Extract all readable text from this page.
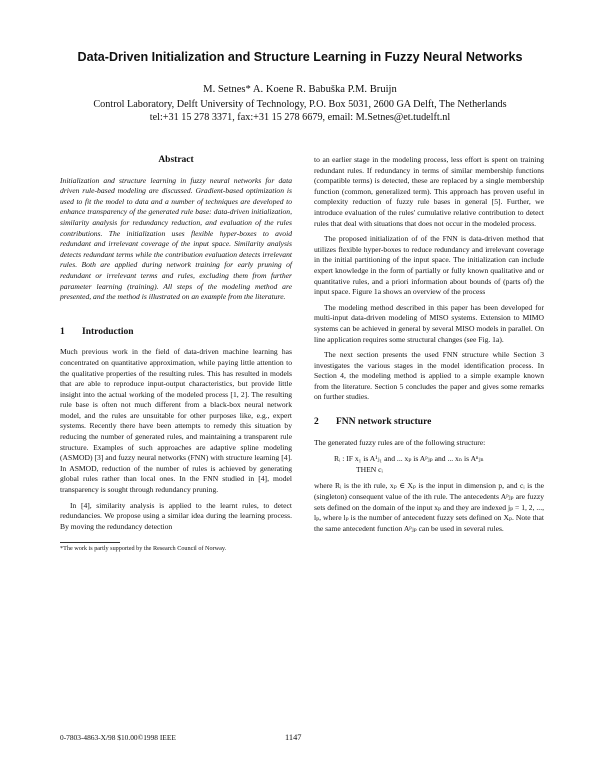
Data-Driven Initialization and Structure Learning in Fuzzy Neural Networks
M. Setnes* A. Koene R. Babuška P.M. Bruijn
Control Laboratory, Delft University of Technology, P.O. Box 5031, 2600 GA Delft, The Netherlands
tel:+31 15 278 3371, fax:+31 15 278 6679, email: M.Setnes@et.tudelft.nl
Abstract

Initialization and structure learning in fuzzy neural networks for data driven rule-based modeling are discussed. Gradient-based optimization is used to fit the model to data and a number of techniques are developed to enhance transparency of the generated rule base: data-driven initialization, similarity analysis for redundancy reduction, and evaluation of the rules contributions. The initialization uses flexible hyper-boxes to avoid redundant and irrelevant coverage of the input space. Similarity analysis detects redundant terms while the contribution evaluation detects irrelevant rules. Both are applied during network training for early pruning of redundant or irrelevant terms and rules, excluding them from further parameter learning (training). All steps of the modeling method are presented, and the method is illustrated on an example from the literature.

1 Introduction

Much previous work in the field of data-driven machine learning has concentrated on quantitative approximation, while paying little attention to the qualitative properties of the resulting rules. This has resulted in models that are able to reproduce input-output characteristics, but provide little insight into the actual working of the modeled process [1, 2]. The resulting rule base is often not much different from a black-box neural network model, and the rules are unsuitable for other purposes like, e.g., expert systems. Recently there have been attempts to remedy this situation by reducing the number of generated rules, and maintaining a transparent rule structure. Examples of such approaches are adaptive spline modeling (ASMOD) [3] and fuzzy neural networks (FNN) with structure learning [4]. In ASMOD, reduction of the number of rules is achieved by generating global rules rather than local ones. In the FNN studied in [4], model transparency is sought through redundancy pruning.

In [4], similarity analysis is applied to the learnt rules, to detect redundancies. We propose using a similar idea during the learning process. By moving the redundancy detection

*The work is partly supported by the Research Council of Norway.

to an earlier stage in the modeling process, less effort is spent on training redundant rules. If redundancy in terms of similar membership functions (compatible terms) is detected, these are replaced by a single membership function (common, generalized term). This approach has proven useful in complexity reduction of fuzzy rule bases in general [5]. Further, we introduce evaluation of the rules' cumulative relative contribution to detect rules that deal with situations that does not occur in the modeled process.

The proposed initialization of of the FNN is data-driven method that utilizes flexible hyper-boxes to reduce redundancy and irrelevant coverage in the initial partitioning of the input space. The initialization can include expert knowledge in the form of partially or fully known qualitative and or quantitative rules, and a priori information about bounds of (parts of) the input space. Figure 1a shows an overview of the process

The modeling method described in this paper has been developed for multi-input data-driven modeling of MISO systems. Extension to MIMO systems can be achieved in general by several MISO models in parallel. On line application requires some structural changes (see Fig. 1a).

The next section presents the used FNN structure while Section 3 investigates the various stages in the model identification process. In Section 4, the modeling method is applied to a simple example known from the literature. Section 5 concludes the paper and gives some remarks on further studies.

2 FNN network structure

The generated fuzzy rules are of the following structure:

Rᵢ : IF x₁ is A¹ⱼ₁ and ... xₚ is Aᵖⱼₚ and ... xₙ is Aⁿⱼₙ
THEN cᵢ

where Rᵢ is the ith rule, xₚ ∈ Xₚ is the input in dimension p, and cᵢ is the (singleton) consequent value of the ith rule. The antecedents Aᵖⱼₚ are fuzzy sets defined on the domain of the input xₚ and they are indexed jₚ = 1, 2, ..., lₚ, where lₚ is the number of antecedent fuzzy sets defined on Xₚ. Note that the same antecedent function Aᵖⱼₚ can be used in several rules.

0-7803-4863-X/98 $10.00©1998 IEEE	1147
